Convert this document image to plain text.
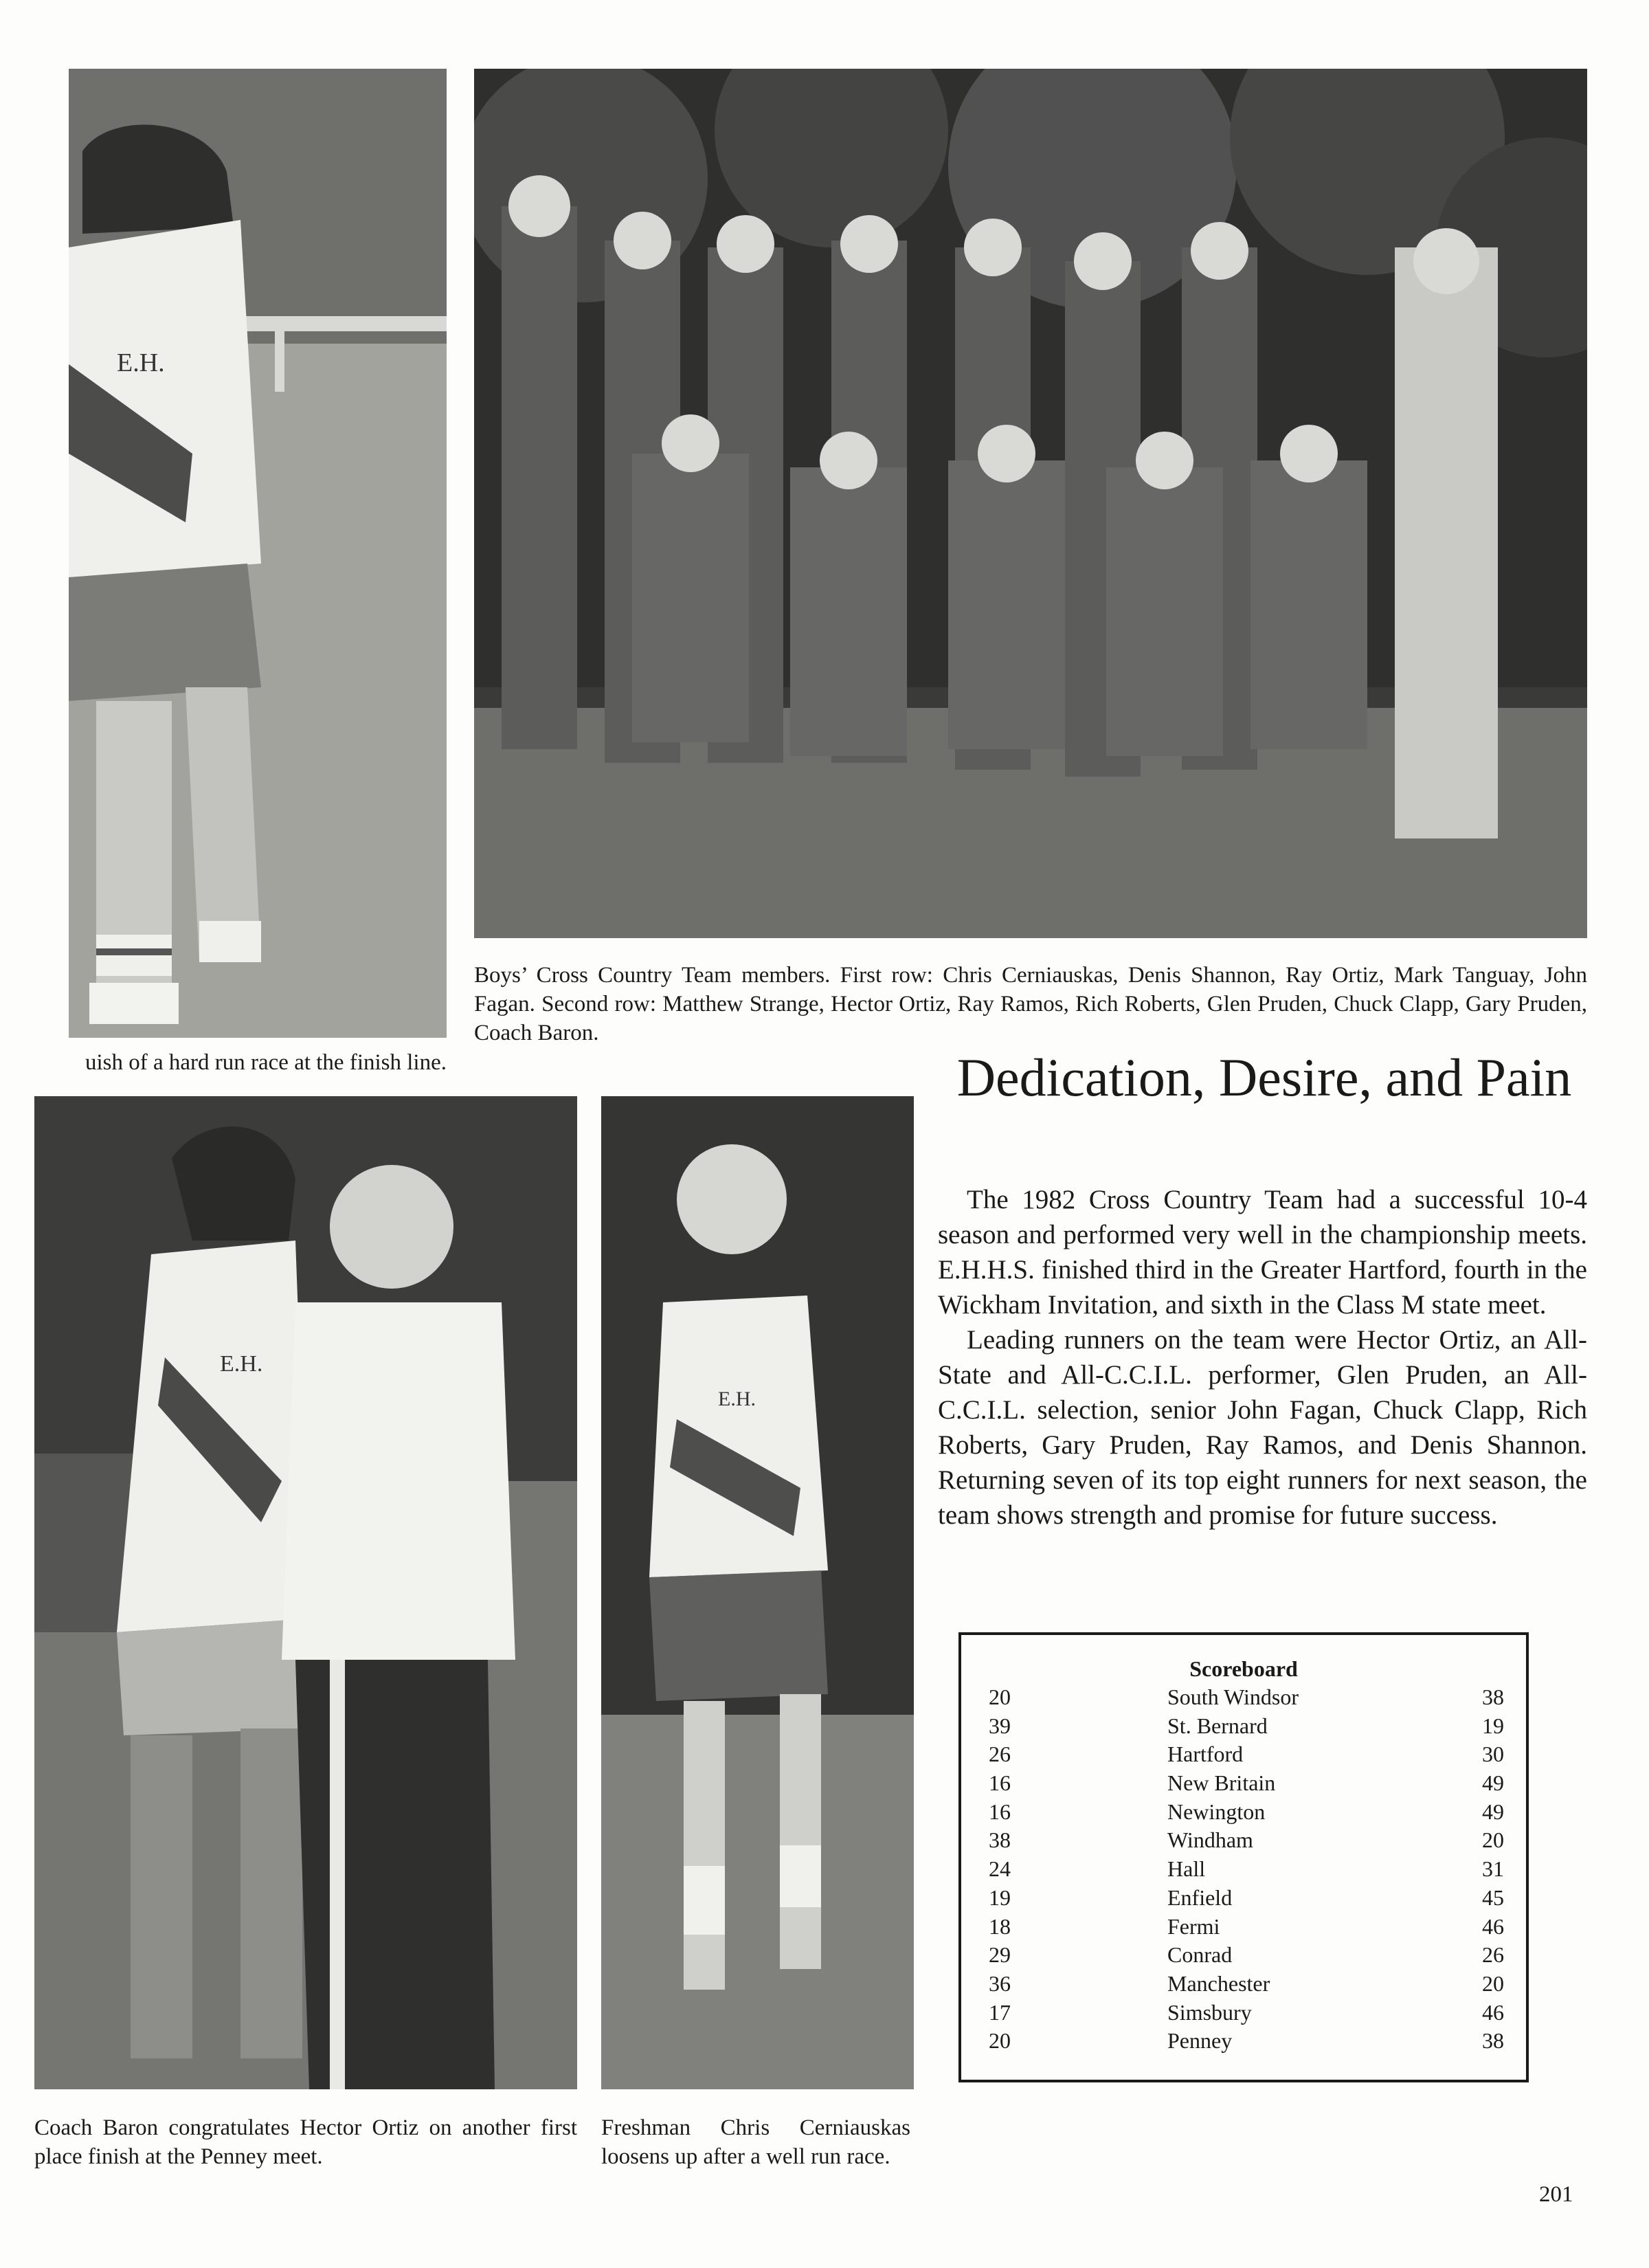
E.H.

Boys’ Cross Country Team members. First row: Chris Cerniauskas, Denis Shannon, Ray Ortiz, Mark Tanguay, John Fagan. Second row: Matthew Strange, Hector Ortiz, Ray Ramos, Rich Roberts, Glen Pruden, Chuck Clapp, Gary Pruden, Coach Baron.

uish of a hard run race at the finish line.

E.H.

Coach Baron congratulates Hector Ortiz on another first place finish at the Penney meet.

E.H.

Freshman Chris Cerniauskas loosens up after a well run race.

Dedication, Desire, and Pain

The 1982 Cross Country Team had a successful 10-4 season and performed very well in the championship meets. E.H.H.S. finished third in the Greater Hartford, fourth in the Wickham Invitation, and sixth in the Class M state meet.

Leading runners on the team were Hector Ortiz, an All-State and All-C.C.I.L. performer, Glen Pruden, an All-C.C.I.L. selection, senior John Fagan, Chuck Clapp, Rich Roberts, Gary Pruden, Ray Ramos, and Denis Shannon. Returning seven of its top eight runners for next season, the team shows strength and promise for future success.

Scoreboard
20	South Windsor	38
39	St. Bernard	19
26	Hartford	30
16	New Britain	49
16	Newington	49
38	Windham	20
24	Hall	31
19	Enfield	45
18	Fermi	46
29	Conrad	26
36	Manchester	20
17	Simsbury	46
20	Penney	38
201
